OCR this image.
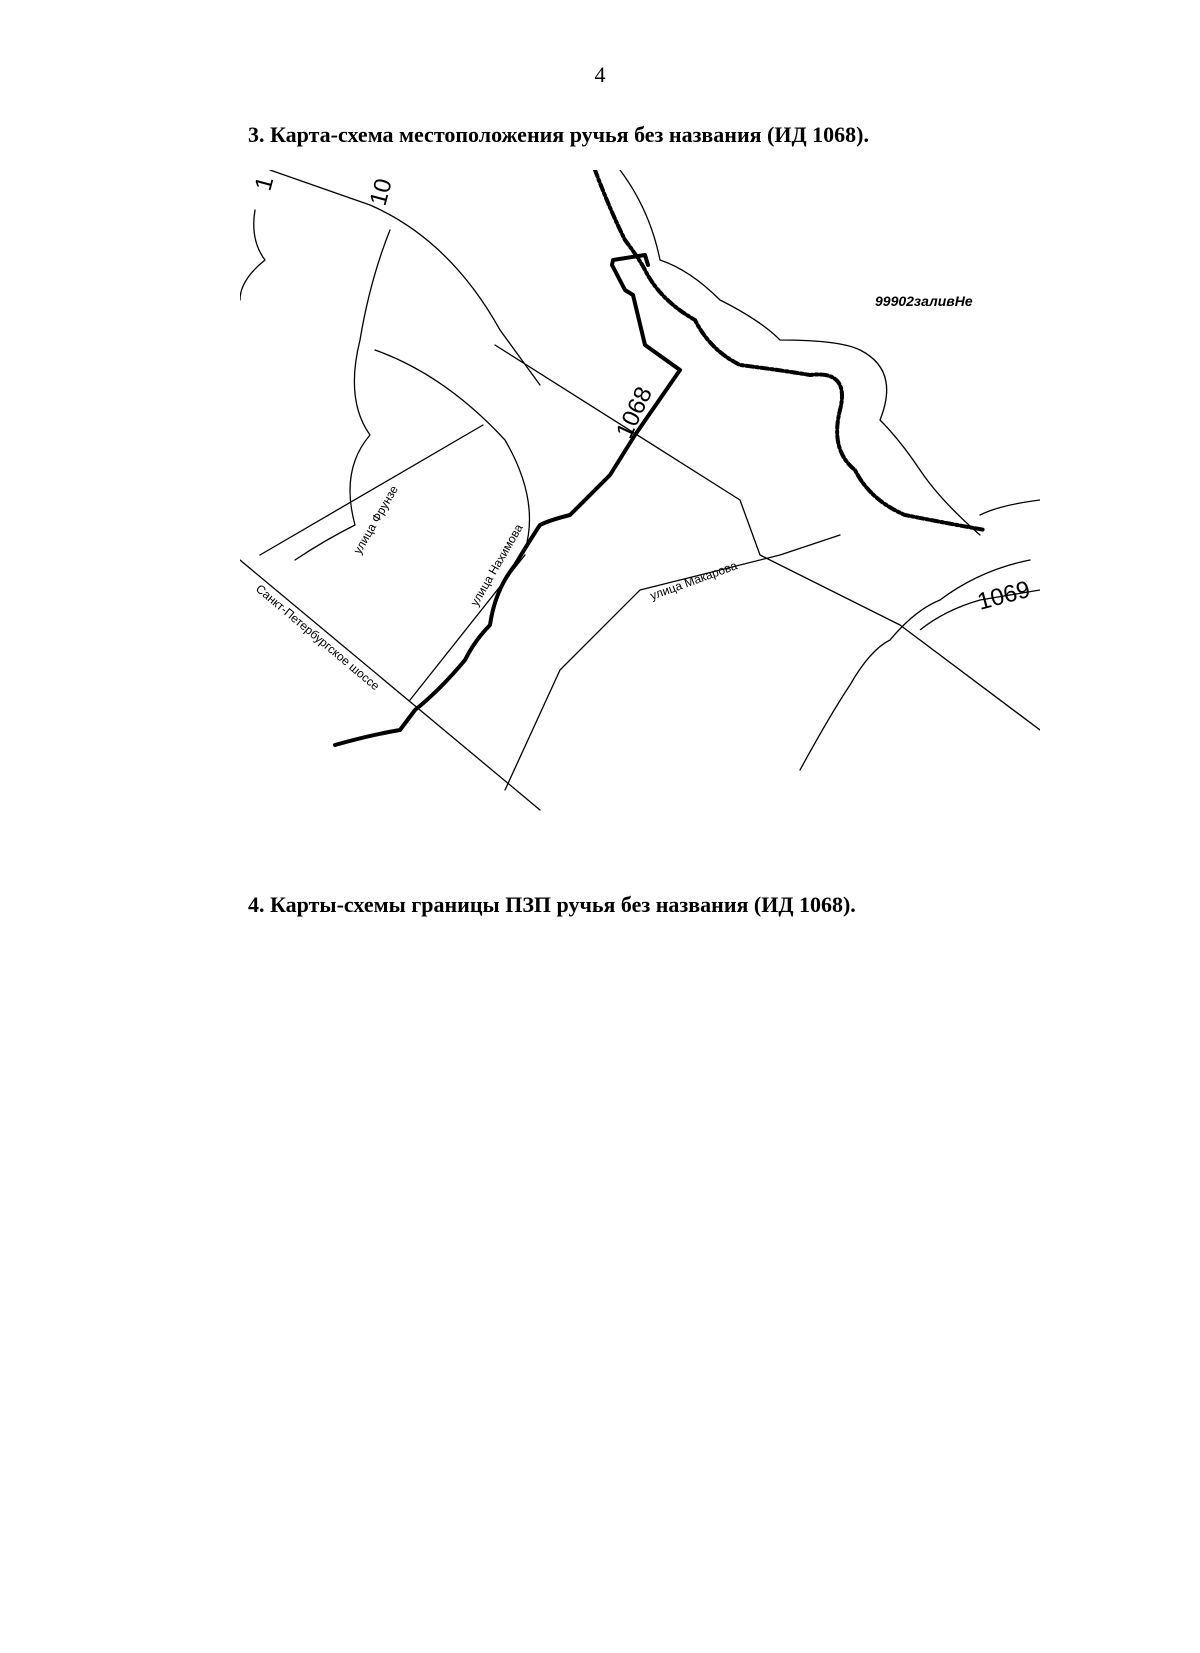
4
3. Карта-схема местоположения ручья без названия (ИД 1068).
1068
1069
10
1
99902заливНе
улица Фрунзе
улица Нахимова	улица Макарова
Санкт-Петербургское шоссе
4. Карты-схемы границы ПЗП ручья без названия (ИД 1068).
